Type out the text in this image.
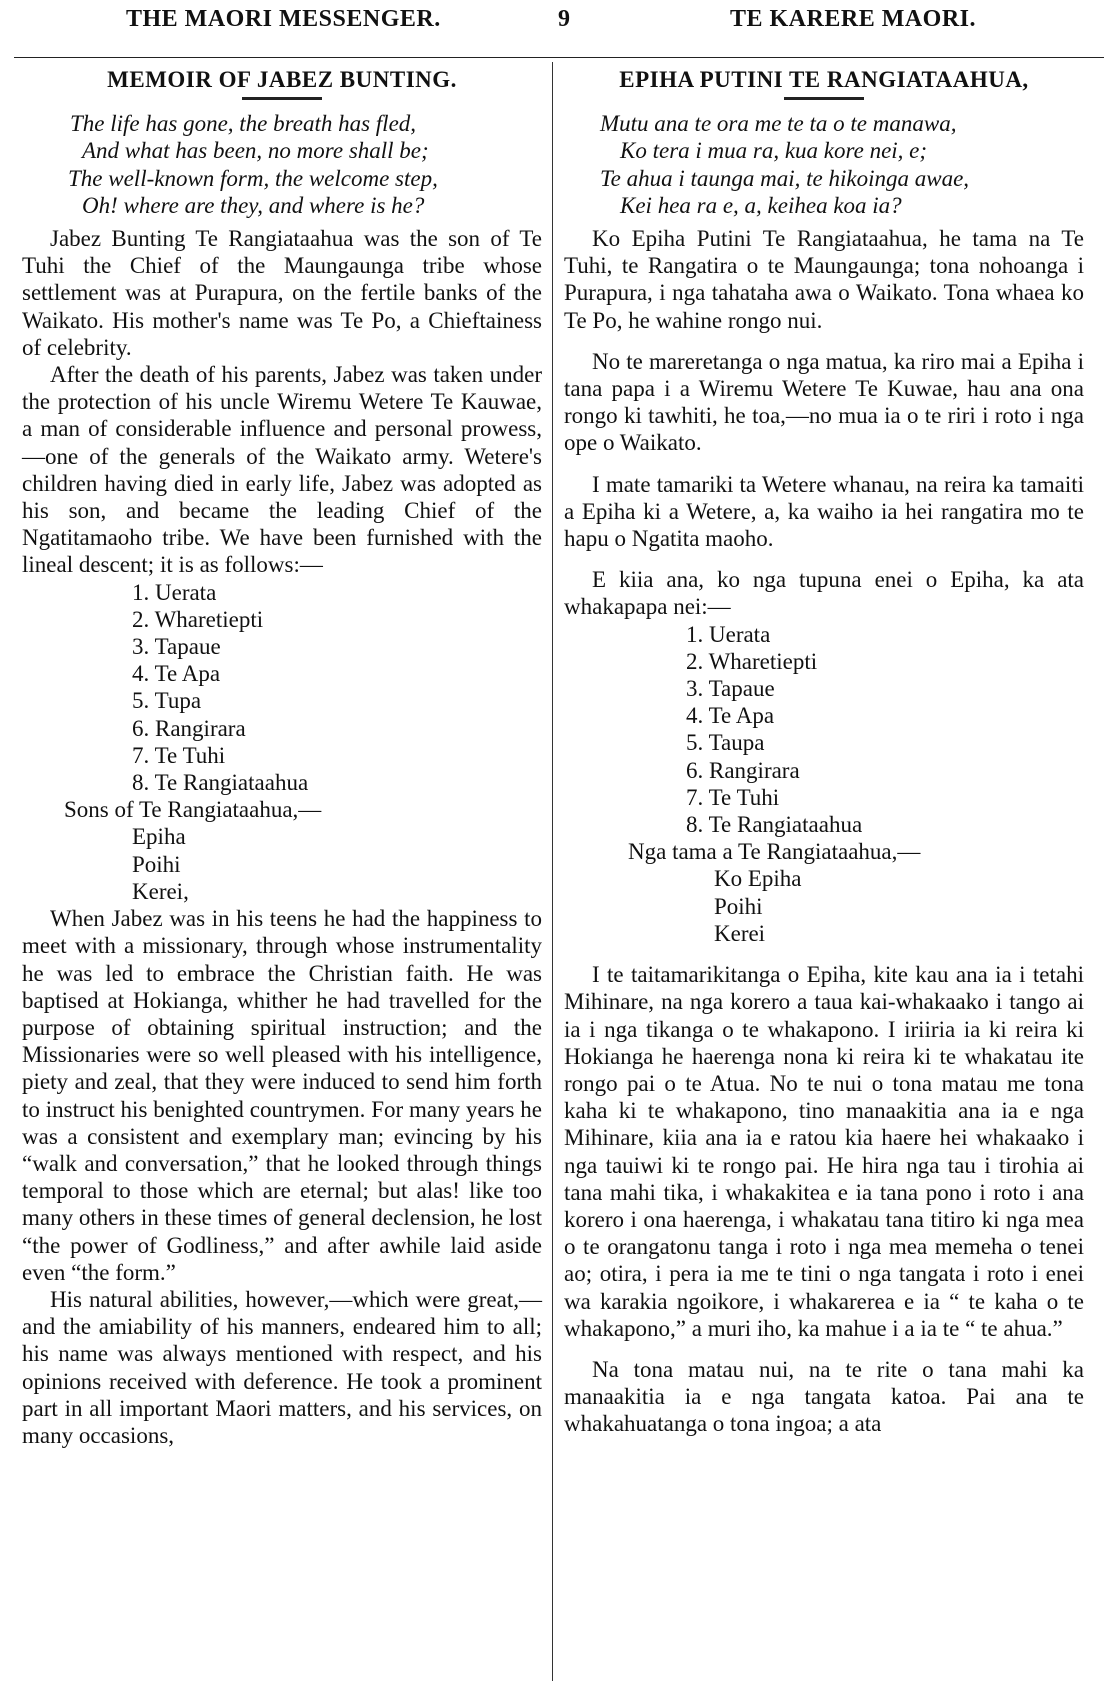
THE MAORI MESSENGER.	9	TE KARERE MAORI.
MEMOIR OF JABEZ BUNTING.
The life has gone, the breath has fled,
And what has been, no more shall be;
The well-known form, the welcome step,
Oh! where are they, and where is he?

Jabez Bunting Te Rangiataahua was the son of Te Tuhi the Chief of the Maungaunga tribe whose settlement was at Purapura, on the fertile banks of the Waikato. His mother's name was Te Po, a Chieftainess of celebrity.

After the death of his parents, Jabez was taken under the protection of his uncle Wiremu Wetere Te Kauwae, a man of considerable influence and personal prowess,—one of the generals of the Waikato army. Wetere's children having died in early life, Jabez was adopted as his son, and became the leading Chief of the Ngatitamaoho tribe. We have been furnished with the lineal descent; it is as follows:—

1. Uerata
2. Wharetiepti
3. Tapaue
4. Te Apa
5. Tupa
6. Rangirara
7. Te Tuhi
8. Te Rangiataahua
Sons of Te Rangiataahua,—
Epiha
Poihi
Kerei,

When Jabez was in his teens he had the happiness to meet with a missionary, through whose instrumentality he was led to embrace the Christian faith. He was baptised at Hokianga, whither he had travelled for the purpose of obtaining spiritual instruction; and the Missionaries were so well pleased with his intelligence, piety and zeal, that they were induced to send him forth to instruct his benighted countrymen. For many years he was a consistent and exemplary man; evincing by his “walk and conversation,” that he looked through things temporal to those which are eternal; but alas! like too many others in these times of general declension, he lost “the power of Godliness,” and after awhile laid aside even “the form.”

His natural abilities, however,—which were great,—and the amiability of his manners, endeared him to all; his name was always mentioned with respect, and his opinions received with deference. He took a prominent part in all important Maori matters, and his services, on many occasions,

EPIHA PUTINI TE RANGIATAAHUA,
Mutu ana te ora me te ta o te manawa,
Ko tera i mua ra, kua kore nei, e;
Te ahua i taunga mai, te hikoinga awae,
Kei hea ra e, a, keihea koa ia?

Ko Epiha Putini Te Rangiataahua, he tama na Te Tuhi, te Rangatira o te Maungaunga; tona nohoanga i Purapura, i nga tahataha awa o Waikato. Tona whaea ko Te Po, he wahine rongo nui.

No te mareretanga o nga matua, ka riro mai a Epiha i tana papa i a Wiremu Wetere Te Kuwae, hau ana ona rongo ki tawhiti, he toa,—no mua ia o te riri i roto i nga ope o Waikato.

I mate tamariki ta Wetere whanau, na reira ka tamaiti a Epiha ki a Wetere, a, ka waiho ia hei rangatira mo te hapu o Ngatita maoho.

E kiia ana, ko nga tupuna enei o Epiha, ka ata whakapapa nei:—

1. Uerata
2. Wharetiepti
3. Tapaue
4. Te Apa
5. Taupa
6. Rangirara
7. Te Tuhi
8. Te Rangiataahua
Nga tama a Te Rangiataahua,—
Ko Epiha
Poihi
Kerei

I te taitamarikitanga o Epiha, kite kau ana ia i tetahi Mihinare, na nga korero a taua kai-whakaako i tango ai ia i nga tikanga o te whakapono. I iriiria ia ki reira ki Hokianga he haerenga nona ki reira ki te whakatau ite rongo pai o te Atua. No te nui o tona matau me tona kaha ki te whakapono, tino manaakitia ana ia e nga Mihinare, kiia ana ia e ratou kia haere hei whakaako i nga tauiwi ki te rongo pai. He hira nga tau i tirohia ai tana mahi tika, i whakakitea e ia tana pono i roto i ana korero i ona haerenga, i whakatau tana titiro ki nga mea o te orangatonu tanga i roto i nga mea memeha o tenei ao; otira, i pera ia me te tini o nga tangata i roto i enei wa karakia ngoikore, i whakarerea e ia “ te kaha o te whakapono,” a muri iho, ka mahue i a ia te “ te ahua.”

Na tona matau nui, na te rite o tana mahi ka manaakitia ia e nga tangata katoa. Pai ana te whakahuatanga o tona ingoa; a ata
